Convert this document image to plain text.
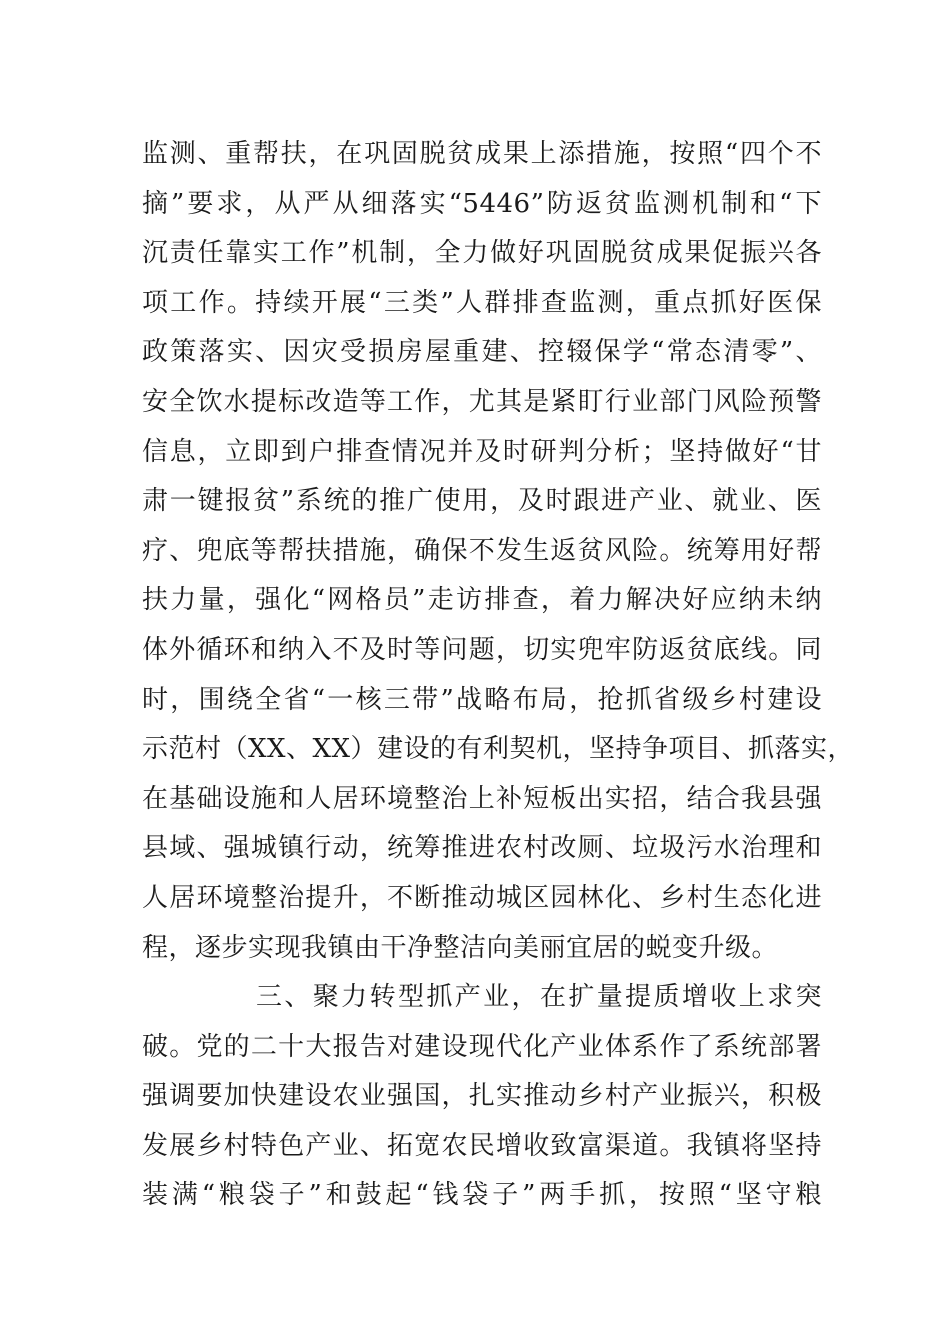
监测、重帮扶，在巩固脱贫成果上添措施，按照“四个不
摘”要求，从严从细落实“5446”防返贫监测机制和“下
沉责任靠实工作”机制，全力做好巩固脱贫成果促振兴各
项工作。持续开展“三类”人群排查监测，重点抓好医保
政策落实、因灾受损房屋重建、控辍保学“常态清零”、
安全饮水提标改造等工作，尤其是紧盯行业部门风险预警
信息，立即到户排查情况并及时研判分析；坚持做好“甘
肃一键报贫”系统的推广使用，及时跟进产业、就业、医
疗、兜底等帮扶措施，确保不发生返贫风险。统筹用好帮
扶力量，强化“网格员”走访排查，着力解决好应纳未纳
体外循环和纳入不及时等问题，切实兜牢防返贫底线。同
时，围绕全省“一核三带”战略布局，抢抓省级乡村建设
示范村（XX、XX）建设的有利契机，坚持争项目、抓落实，
在基础设施和人居环境整治上补短板出实招，结合我县强
县域、强城镇行动，统筹推进农村改厕、垃圾污水治理和
人居环境整治提升，不断推动城区园林化、乡村生态化进
程，逐步实现我镇由干净整洁向美丽宜居的蜕变升级。
三、聚力转型抓产业，在扩量提质增收上求突
破。党的二十大报告对建设现代化产业体系作了系统部署
强调要加快建设农业强国，扎实推动乡村产业振兴，积极
发展乡村特色产业、拓宽农民增收致富渠道。我镇将坚持
装满“粮袋子”和鼓起“钱袋子”两手抓，按照“坚守粮
